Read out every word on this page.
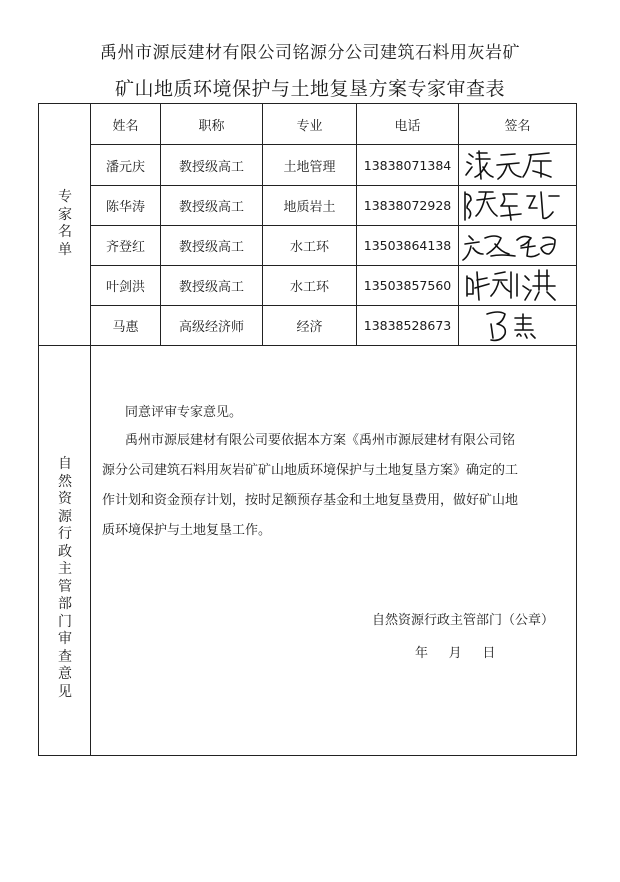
禹州市源辰建材有限公司铭源分公司建筑石料用灰岩矿
矿山地质环境保护与土地复垦方案专家审查表
专家名单
自然资源行政主管部门审查意见
姓名	职称	专业	电话	签名
潘元庆	教授级高工	土地管理	13838071384
陈华涛	教授级高工	地质岩土	13838072928
齐登红	教授级高工	水工环	13503864138
叶剑洪	教授级高工	水工环	13503857560
马惠	高级经济师	经济	13838528673

同意评审专家意见。

禹州市源辰建材有限公司要依据本方案《禹州市源辰建材有限公司铭

源分公司建筑石料用灰岩矿矿山地质环境保护与土地复垦方案》确定的工

作计划和资金预存计划，按时足额预存基金和土地复垦费用，做好矿山地

质环境保护与土地复垦工作。

自然资源行政主管部门（公章）
年     月     日
